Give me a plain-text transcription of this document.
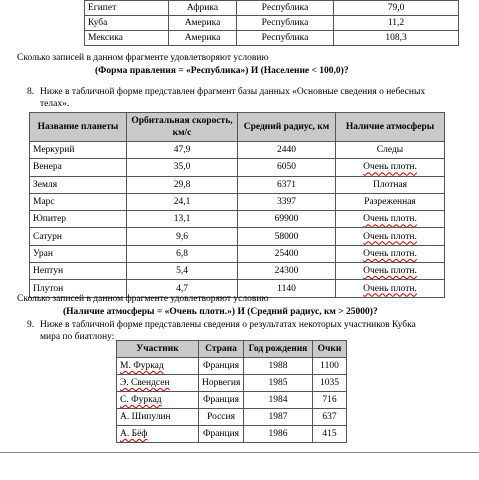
Египет	Африка	Республика	79,0
Куба	Америка	Республика	11,2
Мексика	Америка	Республика	108,3
Сколько записей в данном фрагменте удовлетворяют условию
(Форма правления = «Республика») И (Население < 100,0)?
8. Ниже в табличной форме представлен фрагмент базы данных «Основные сведения о небесных
телах».
Название планеты	Орбитальная скорость, км/с	Средний радиус, км	Наличие атмосферы
Меркурий	47,9	2440	Следы
Венера	35,0	6050	Очень плотн.
Земля	29,8	6371	Плотная
Марс	24,1	3397	Разреженная
Юпитер	13,1	69900	Очень плотн.
Сатурн	9,6	58000	Очень плотн.
Уран	6,8	25400	Очень плотн.
Нептун	5,4	24300	Очень плотн.
Плутон	4,7	1140	Очень плотн.
Сколько записей в данном фрагменте удовлетворяют условию
(Наличие атмосферы = «Очень плотн.») И (Средний радиус, км > 25000)?
9. Ниже в табличной форме представлены сведения о результатах некоторых участников Кубка
мира по биатлону:
Участник	Страна	Год рождения	Очки
М. Фуркад	Франция	1988	1100
Э. Свендсен	Норвегия	1985	1035
С. Фуркад	Франция	1984	716
А. Шипулин	Россия	1987	637
А. Бёф	Франция	1986	415
